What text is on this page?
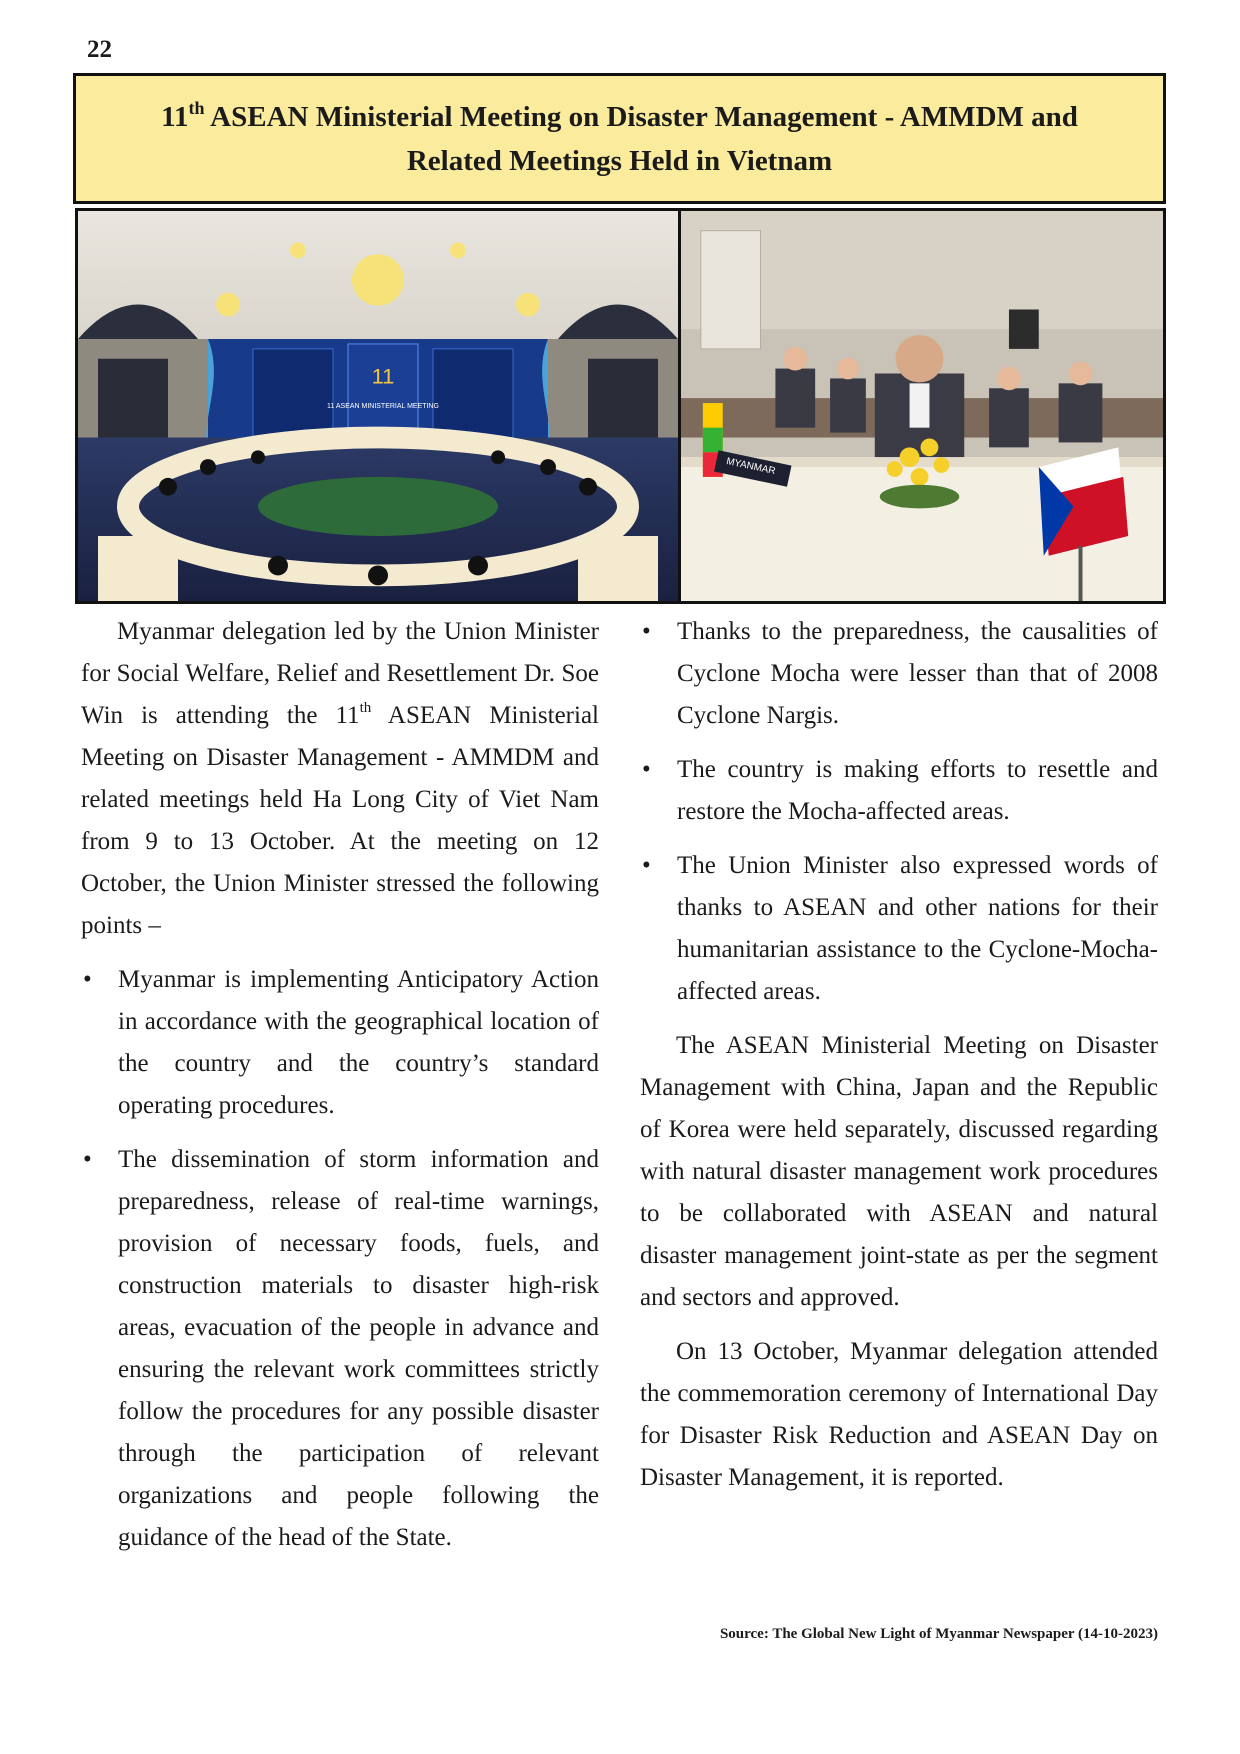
22
11th ASEAN Ministerial Meeting on Disaster Management - AMMDM and
Related Meetings Held in Vietnam
11
11 ASEAN MINISTERIAL MEETING
MYANMAR

Myanmar delegation led by the Union Minister for Social Welfare, Relief and Resettlement Dr. Soe Win is attending the 11th ASEAN Ministerial Meeting on Disaster Management - AMMDM and related meetings held Ha Long City of Viet Nam from 9 to 13 October. At the meeting on 12 October, the Union Minister stressed the following points –

• Myanmar is implementing Anticipatory Action in accordance with the geographical location of the country and the country’s standard operating procedures.
• The dissemination of storm information and preparedness, release of real-time warnings, provision of necessary foods, fuels, and construction materials to disaster high-risk areas, evacuation of the people in advance and ensuring the relevant work committees strictly follow the procedures for any possible disaster through the participation of relevant organizations and people following the guidance of the head of the State.
• Thanks to the preparedness, the causalities of Cyclone Mocha were lesser than that of 2008 Cyclone Nargis.
• The country is making efforts to resettle and restore the Mocha-affected areas.
• The Union Minister also expressed words of thanks to ASEAN and other nations for their humanitarian assistance to the Cyclone-Mocha-affected areas.

The ASEAN Ministerial Meeting on Disaster Management with China, Japan and the Republic of Korea were held separately, discussed regarding with natural disaster management work procedures to be collaborated with ASEAN and natural disaster management joint-state as per the segment and sectors and approved.

On 13 October, Myanmar delegation attended the commemoration ceremony of International Day for Disaster Risk Reduction and ASEAN Day on Disaster Management, it is reported.

Source: The Global New Light of Myanmar Newspaper (14-10-2023)
